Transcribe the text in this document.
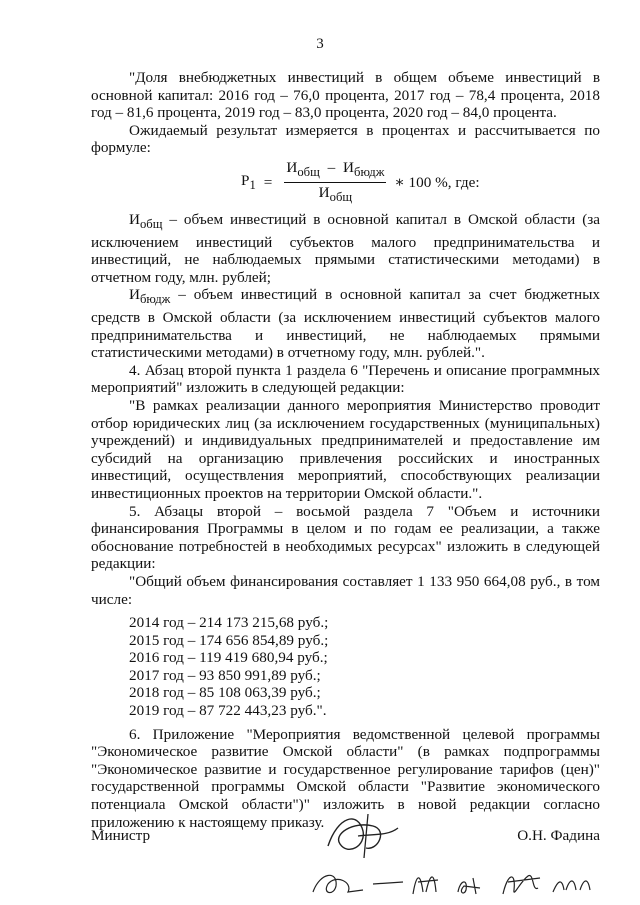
3

"Доля внебюджетных инвестиций в общем объеме инвестиций в основной капитал: 2016 год – 76,0 процента, 2017 год – 78,4 процента, 2018 год – 81,6 процента, 2019 год – 83,0 процента, 2020 год – 84,0 процента.

Ожидаемый результат измеряется в процентах и рассчитывается по формуле:

$P_1 = \frac{И_{общ} - И_{бюдж}}{И_{общ}}$ ∗ 100 %, где:

$И_{общ}$ – объем инвестиций в основной капитал в Омской области (за исключением инвестиций субъектов малого предпринимательства и инвестиций, не наблюдаемых прямыми статистическими методами) в отчетном году, млн. рублей;

$И_{бюдж}$ – объем инвестиций в основной капитал за счет бюджетных средств в Омской области (за исключением инвестиций субъектов малого предпринимательства и инвестиций, не наблюдаемых прямыми статистическими методами) в отчетному году, млн. рублей.".

4. Абзац второй пункта 1 раздела 6 "Перечень и описание программных мероприятий" изложить в следующей редакции:

"В рамках реализации данного мероприятия Министерство проводит отбор юридических лиц (за исключением государственных (муниципальных) учреждений) и индивидуальных предпринимателей и предоставление им субсидий на организацию привлечения российских и иностранных инвестиций, осуществления мероприятий, способствующих реализации инвестиционных проектов на территории Омской области.".

5. Абзацы второй – восьмой раздела 7 "Объем и источники финансирования Программы в целом и по годам ее реализации, а также обоснование потребностей в необходимых ресурсах" изложить в следующей редакции:

"Общий объем финансирования составляет 1 133 950 664,08 руб., в том числе:

2014 год – 214 173 215,68 руб.;
2015 год – 174 656 854,89 руб.;
2016 год – 119 419 680,94 руб.;
2017 год – 93 850 991,89 руб.;
2018 год – 85 108 063,39 руб.;
2019 год – 87 722 443,23 руб.".

6. Приложение "Мероприятия ведомственной целевой программы "Экономическое развитие Омской области" (в рамках подпрограммы "Экономическое развитие и государственное регулирование тарифов (цен)" государственной программы Омской области "Развитие экономического потенциала Омской области")" изложить в новой редакции согласно приложению к настоящему приказу.

Министр	О.Н. Фадина
